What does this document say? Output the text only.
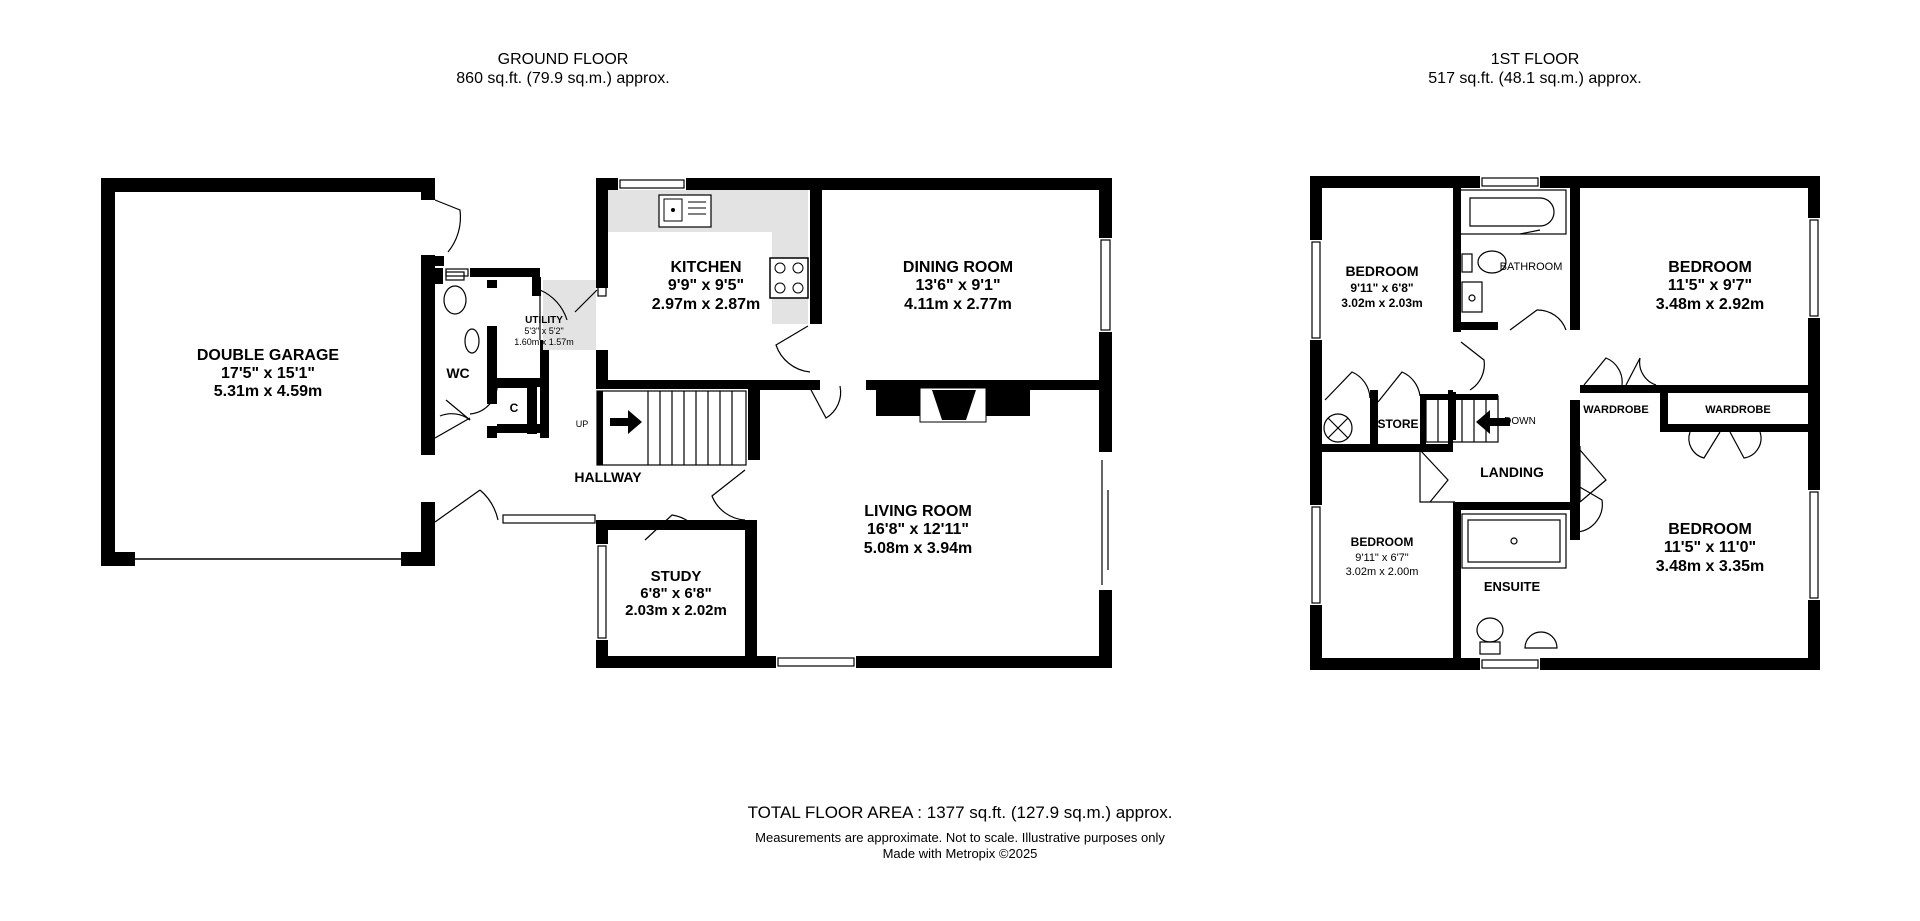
GROUND FLOOR
860 sq.ft. (79.9 sq.m.) approx.
1ST FLOOR
517 sq.ft. (48.1 sq.m.) approx.
DOUBLE GARAGE
17'5" x 15'1"
5.31m x 4.59m
WC
C
UTILITY
5'3" x 5'2"
1.60m x 1.57m
KITCHEN
9'9" x 9'5"
2.97m x 2.87m
DINING ROOM
13'6" x 9'1"
4.11m x 2.77m
LIVING ROOM
16'8" x 12'11"
5.08m x 3.94m
HALLWAY
UP
STUDY
6'8" x 6'8"
2.03m x 2.02m
BEDROOM
9'11" x 6'8"
3.02m x 2.03m
BATHROOM	BEDROOM
11'5" x 9'7"
3.48m x 2.92m
STORE	DOWN
WARDROBE	WARDROBE
LANDING
BEDROOM
9'11" x 6'7"
3.02m x 2.00m
ENSUITE
BEDROOM
11'5" x 11'0"
3.48m x 3.35m
TOTAL FLOOR AREA : 1377 sq.ft. (127.9 sq.m.) approx.
Measurements are approximate. Not to scale. Illustrative purposes only
Made with Metropix ©2025
